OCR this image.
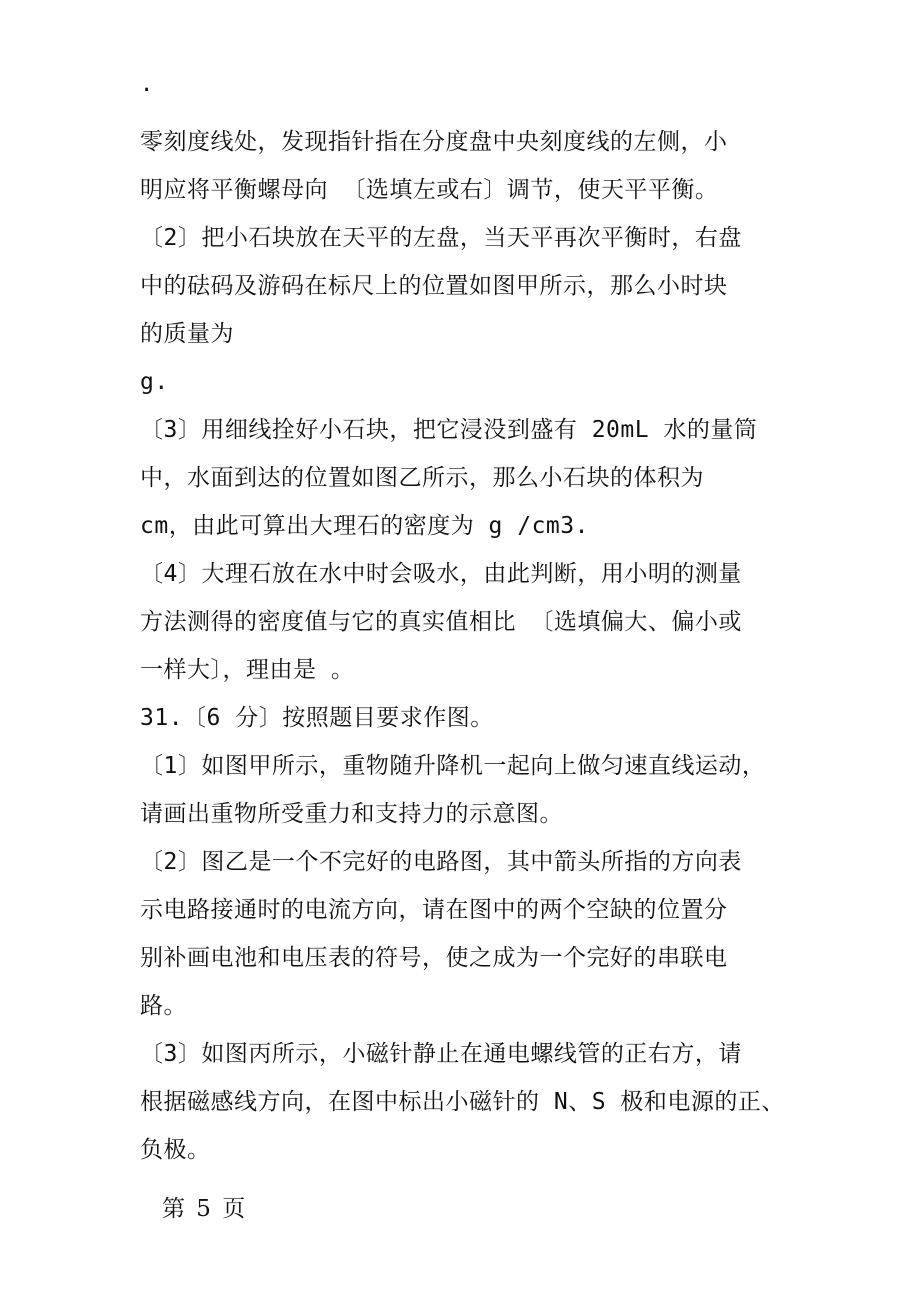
.
零刻度线处，发现指针指在分度盘中央刻度线的左侧，小
明应将平衡螺母向 〔选填左或右〕调节，使天平平衡。
〔2〕把小石块放在天平的左盘，当天平再次平衡时，右盘
中的砝码及游码在标尺上的位置如图甲所示，那么小时块
的质量为
g.
〔3〕用细线拴好小石块，把它浸没到盛有 20mL 水的量筒
中，水面到达的位置如图乙所示，那么小石块的体积为
cm，由此可算出大理石的密度为 g /cm3.
〔4〕大理石放在水中时会吸水，由此判断，用小明的测量
方法测得的密度值与它的真实值相比 〔选填偏大、偏小或
一样大〕，理由是 。
31.〔6 分〕按照题目要求作图。
〔1〕如图甲所示，重物随升降机一起向上做匀速直线运动，
请画出重物所受重力和支持力的示意图。
〔2〕图乙是一个不完好的电路图，其中箭头所指的方向表
示电路接通时的电流方向，请在图中的两个空缺的位置分
别补画电池和电压表的符号，使之成为一个完好的串联电
路。
〔3〕如图丙所示，小磁针静止在通电螺线管的正右方，请
根据磁感线方向，在图中标出小磁针的 N、S 极和电源的正、
负极。
第 5 页
